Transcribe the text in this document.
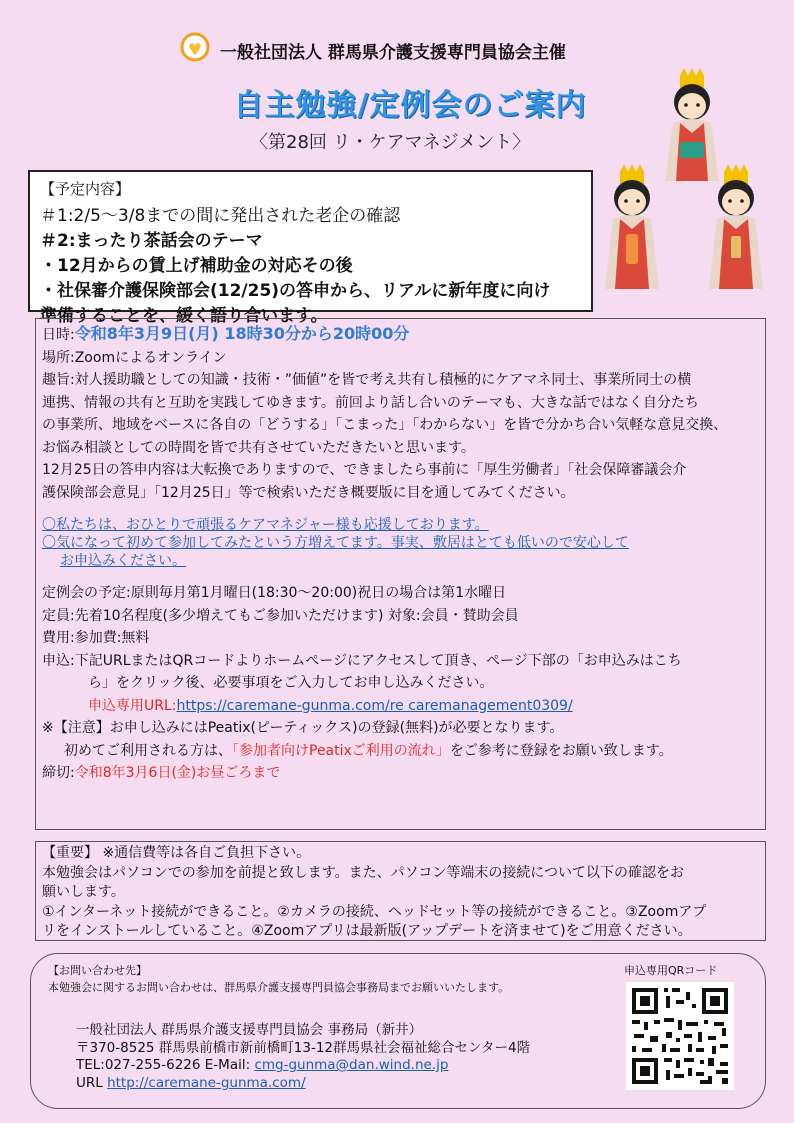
一般社団法人 群馬県介護支援専門員協会主催
自主勉強/定例会のご案内
〈第28回 リ・ケアマネジメント〉
【予定内容】
＃1:2/5～3/8までの間に発出された老企の確認
＃2:まったり茶話会のテーマ
・12月からの賃上げ補助金の対応その後
・社保審介護保険部会(12/25)の答申から、リアルに新年度に向け
準備することを、緩く語り合います。
日時:令和8年3月9日(月) 18時30分から20時00分
場所:Zoomによるオンライン
趣旨:対人援助職としての知識・技術・”価値”を皆で考え共有し積極的にケアマネ同士、事業所同士の横
連携、情報の共有と互助を実践してゆきます。前回より話し合いのテーマも、大きな話ではなく自分たち
の事業所、地域をベースに各自の「どうする」「こまった」「わからない」を皆で分かち合い気軽な意見交換、
お悩み相談としての時間を皆で共有させていただきたいと思います。
12月25日の答申内容は大転換でありますので、できましたら事前に「厚生労働者」「社会保障審議会介
護保険部会意見」「12月25日」等で検索いただき概要版に目を通してみてください。
〇私たちは、おひとりで頑張るケアマネジャー様も応援しております。
〇気になって初めて参加してみたという方増えてます。事実、敷居はとても低いので安心して
お申込みください。
定例会の予定:原則毎月第1月曜日(18:30～20:00)祝日の場合は第1水曜日
定員:先着10名程度(多少増えてもご参加いただけます) 対象:会員・賛助会員
費用:参加費:無料
申込:下記URLまたはQRコードよりホームぺージにアクセスして頂き、ぺージ下部の「お申込みはこち
ら」をクリック後、必要事項をご入力してお申し込みください。
申込専用URL:https://caremane-gunma.com/re caremanagement0309/
※【注意】お申し込みにはPeatix(ピーティックス)の登録(無料)が必要となります。
初めてご利用される方は、「参加者向けPeatixご利用の流れ」をご参考に登録をお願い致します。
締切:令和8年3月6日(金)お昼ごろまで
【重要】 ※通信費等は各自ご負担下さい。
本勉強会はパソコンでの参加を前提と致します。また、パソコン等端末の接続について以下の確認をお
願いします。
①インターネット接続ができること。②カメラの接続、ヘッドセット等の接続ができること。③Zoomアプ
リをインストールしていること。④Zoomアプリは最新版(アップデートを済ませて)をご用意ください。
【お問い合わせ先】
本勉強会に関するお問い合わせは、群馬県介護支援専門員協会事務局までお願いいたします。
一般社団法人 群馬県介護支援専門員協会 事務局（新井）
〒370-8525 群馬県前橋市新前橋町13-12群馬県社会福祉総合センター4階
TEL:027-255-6226 E-Mail: cmg-gunma@dan.wind.ne.jp
URL http://caremane-gunma.com/
申込専用QRコード
